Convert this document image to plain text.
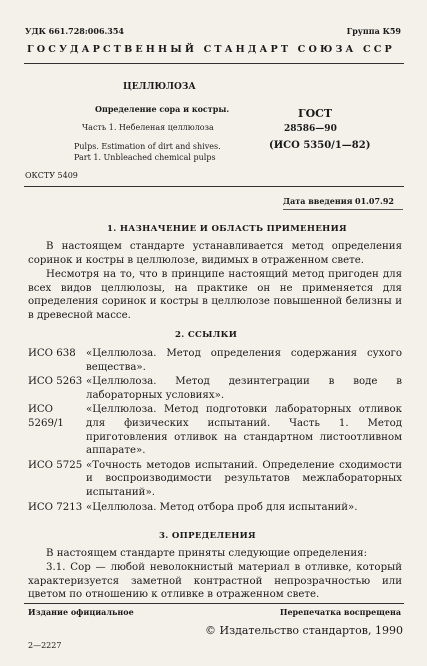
УДК 661.728:006.354	Группа К59
ГОСУДАРСТВЕННЫЙ СТАНДАРТ СОЮЗА ССР
ЦЕЛЛЮЛОЗА
Определение сора и костры.
Часть 1. Небеленая целлюлоза
Pulps. Estimation of dirt and shives.
Part 1. Unbleached chemical pulps
ГОСТ
28586—90
(ИСО 5350/1—82)
ОКСТУ 5409
Дата введения 01.07.92
1. НАЗНАЧЕНИЕ И ОБЛАСТЬ ПРИМЕНЕНИЯ

В настоящем стандарте устанавливается метод определения соринок и костры в целлюлозе, видимых в отраженном свете.

Несмотря на то, что в принципе настоящий метод пригоден для всех видов целлюлозы, на практике он не применяется для определения соринок и костры в целлюлозе повышенной белизны и в древесной массе.

2. ССЫЛКИ
ИСО 638	«Целлюлоза. Метод определения содержания сухого вещества».
ИСО 5263 «Целлюлоза. Метод дезинтеграции в воде в лабораторных условиях».
ИСО 5269/1
«Целлюлоза. Метод подготовки лабораторных отливок для физических испытаний. Часть 1. Метод приготовления отливок на стандартном листоотливном аппарате».
ИСО 5725 «Точность методов испытаний. Определение сходимости и воспроизводимости результатов межлабораторных испытаний».
ИСО 7213 «Целлюлоза. Метод отбора проб для испытаний».
3. ОПРЕДЕЛЕНИЯ

В настоящем стандарте приняты следующие определения:

3.1. Сор — любой неволокнистый материал в отливке, который характеризуется заметной контрастной непрозрачностью или цветом по отношению к отливке в отраженном свете.

Издание официальное	Перепечатка воспрещена
© Издательство стандартов, 1990
2—2227
